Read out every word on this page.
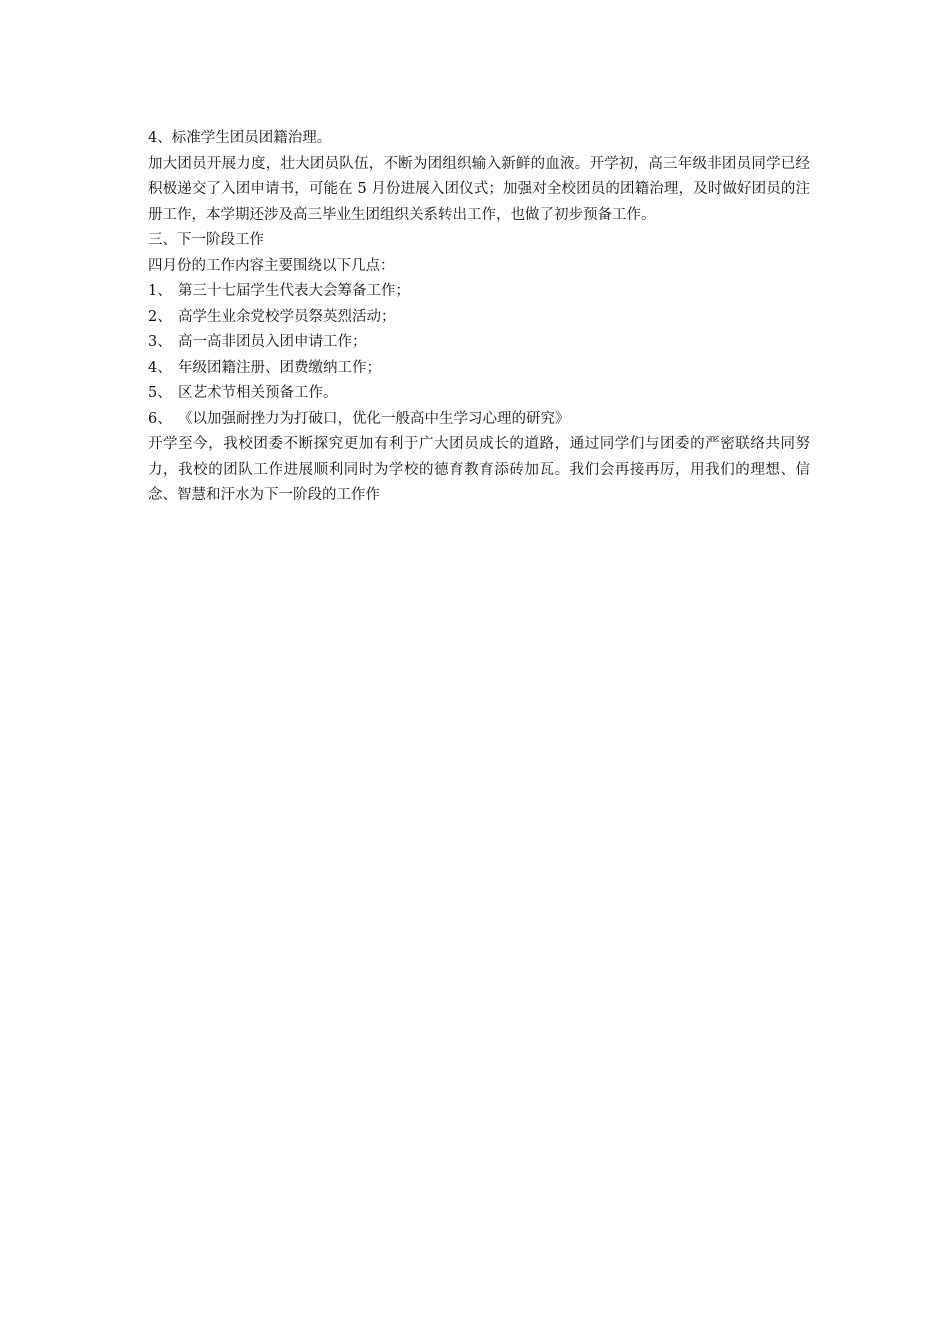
4、标准学生团员团籍治理。

加大团员开展力度，壮大团员队伍，不断为团组织输入新鲜的血液。开学初，高三年级非团员同学已经积极递交了入团申请书，可能在 5 月份进展入团仪式；加强对全校团员的团籍治理，及时做好团员的注册工作，本学期还涉及高三毕业生团组织关系转出工作，也做了初步预备工作。

三、下一阶段工作

四月份的工作内容主要围绕以下几点：

1、 第三十七届学生代表大会筹备工作；

2、 高学生业余党校学员祭英烈活动；

3、 高一高非团员入团申请工作；

4、 年级团籍注册、团费缴纳工作；

5、 区艺术节相关预备工作。

6、 《以加强耐挫力为打破口，优化一般高中生学习心理的研究》

开学至今，我校团委不断探究更加有利于广大团员成长的道路，通过同学们与团委的严密联络共同努力，我校的团队工作进展顺利同时为学校的德育教育添砖加瓦。我们会再接再厉，用我们的理想、信念、智慧和汗水为下一阶段的工作作
